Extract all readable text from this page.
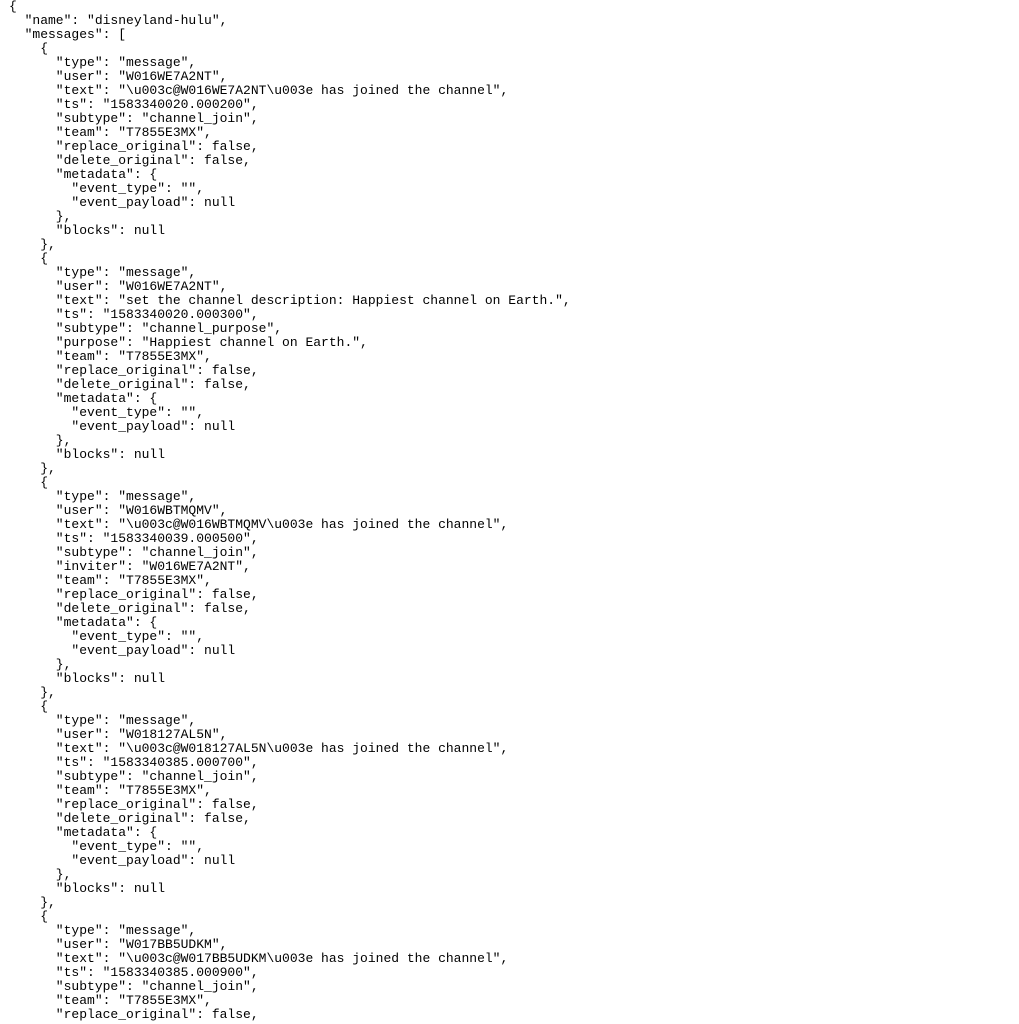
{
"name": "disneyland-hulu",
"messages": [
{
"type": "message",
"user": "W016WE7A2NT",
"text": "\u003c@W016WE7A2NT\u003e has joined the channel",
"ts": "1583340020.000200",
"subtype": "channel_join",
"team": "T7855E3MX",
"replace_original": false,
"delete_original": false,
"metadata": {
"event_type": "",
"event_payload": null
},
"blocks": null
},
{
"type": "message",
"user": "W016WE7A2NT",
"text": "set the channel description: Happiest channel on Earth.",
"ts": "1583340020.000300",
"subtype": "channel_purpose",
"purpose": "Happiest channel on Earth.",
"team": "T7855E3MX",
"replace_original": false,
"delete_original": false,
"metadata": {
"event_type": "",
"event_payload": null
},
"blocks": null
},
{
"type": "message",
"user": "W016WBTMQMV",
"text": "\u003c@W016WBTMQMV\u003e has joined the channel",
"ts": "1583340039.000500",
"subtype": "channel_join",
"inviter": "W016WE7A2NT",
"team": "T7855E3MX",
"replace_original": false,
"delete_original": false,
"metadata": {
"event_type": "",
"event_payload": null
},
"blocks": null
},
{
"type": "message",
"user": "W018127AL5N",
"text": "\u003c@W018127AL5N\u003e has joined the channel",
"ts": "1583340385.000700",
"subtype": "channel_join",
"team": "T7855E3MX",
"replace_original": false,
"delete_original": false,
"metadata": {
"event_type": "",
"event_payload": null
},
"blocks": null
},
{
"type": "message",
"user": "W017BB5UDKM",
"text": "\u003c@W017BB5UDKM\u003e has joined the channel",
"ts": "1583340385.000900",
"subtype": "channel_join",
"team": "T7855E3MX",
"replace_original": false,
